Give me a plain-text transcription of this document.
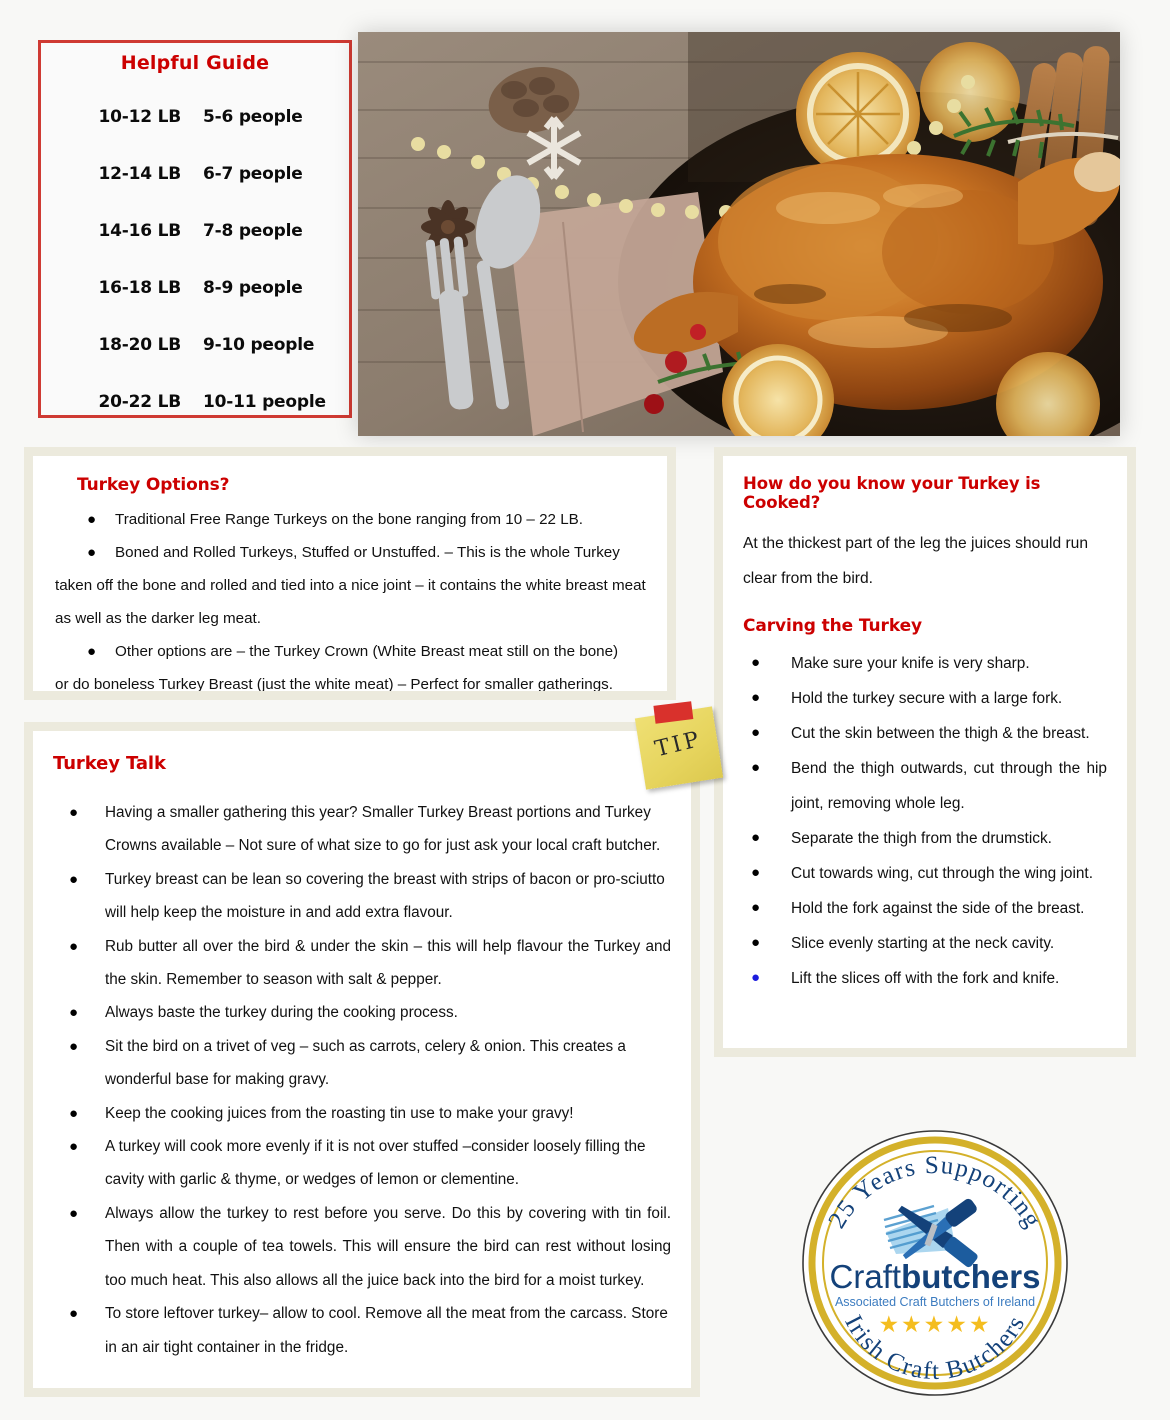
Helpful Guide
10-12 LB	5-6 people
12-14 LB	6-7 people
14-16 LB	7-8 people
16-18 LB	8-9 people
18-20 LB	9-10 people
20-22 LB	10-11 people
Turkey Options?
●	Traditional Free Range Turkeys on the bone ranging from 10 – 22 LB.
●	Boned and Rolled Turkeys, Stuffed or Unstuffed. – This is the whole Turkey
taken off the bone and rolled and tied into a nice joint – it contains the white breast meat as well as the darker leg meat.
●	Other options are – the Turkey Crown (White Breast meat still on the bone)
or do boneless Turkey Breast (just the white meat) – Perfect for smaller gatherings.
How do you know your Turkey is Cooked?
At the thickest part of the leg the juices should run clear from the bird.
Carving the Turkey
●	Make sure your knife is very sharp.
●	Hold the turkey secure with a large fork.
●	Cut the skin between the thigh & the breast.
●	Bend the thigh outwards, cut through the hip joint, removing whole leg.
●	Separate the thigh from the drumstick.
●	Cut towards wing, cut through the wing joint.
●	Hold the fork against the side of the breast.
●	Slice evenly starting at the neck cavity.
●	Lift the slices off with the fork and knife.
Turkey Talk
●	Having a smaller gathering this year? Smaller Turkey Breast portions and Turkey Crowns available – Not sure of what size to go for just ask your local craft butcher.
●	Turkey breast can be lean so covering the breast with strips of bacon or pro-sciutto will help keep the moisture in and add extra flavour.
●	Rub butter all over the bird & under the skin – this will help flavour the Turkey and the skin. Remember to season with salt & pepper.
●	Always baste the turkey during the cooking process.
●	Sit the bird on a trivet of veg – such as carrots, celery & onion. This creates a wonderful base for making gravy.
●	Keep the cooking juices from the roasting tin use to make your gravy!
●	A turkey will cook more evenly if it is not over stuffed –consider loosely filling the cavity with garlic & thyme, or wedges of lemon or clementine.
●	Always allow the turkey to rest before you serve. Do this by covering with tin foil. Then with a couple of tea towels. This will ensure the bird can rest without losing too much heat. This also allows all the juice back into the bird for a moist turkey.
●	To store leftover turkey– allow to cool. Remove all the meat from the carcass. Store in an air tight container in the fridge.
TIP
25 Years Supporting
Irish Craft Butchers
Craftbutchers
Associated Craft Butchers of Ireland
★★★★★
